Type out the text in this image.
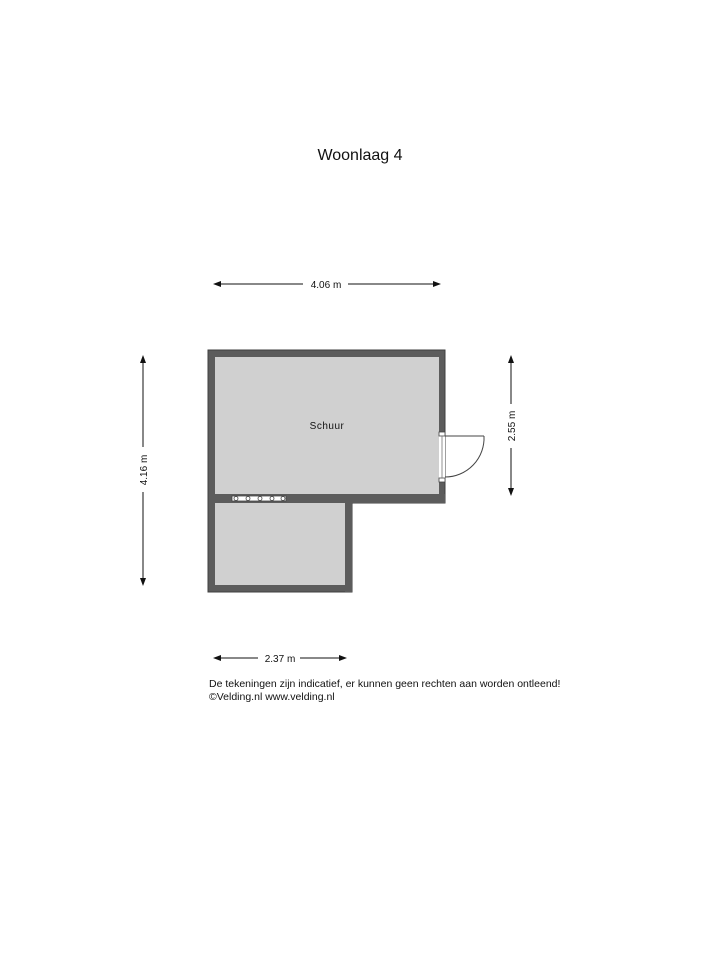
Woonlaag 4
4.06 m
4.16 m
2.55 m
2.37 m
Schuur
De tekeningen zijn indicatief, er kunnen geen rechten aan worden ontleend!
©Velding.nl www.velding.nl
